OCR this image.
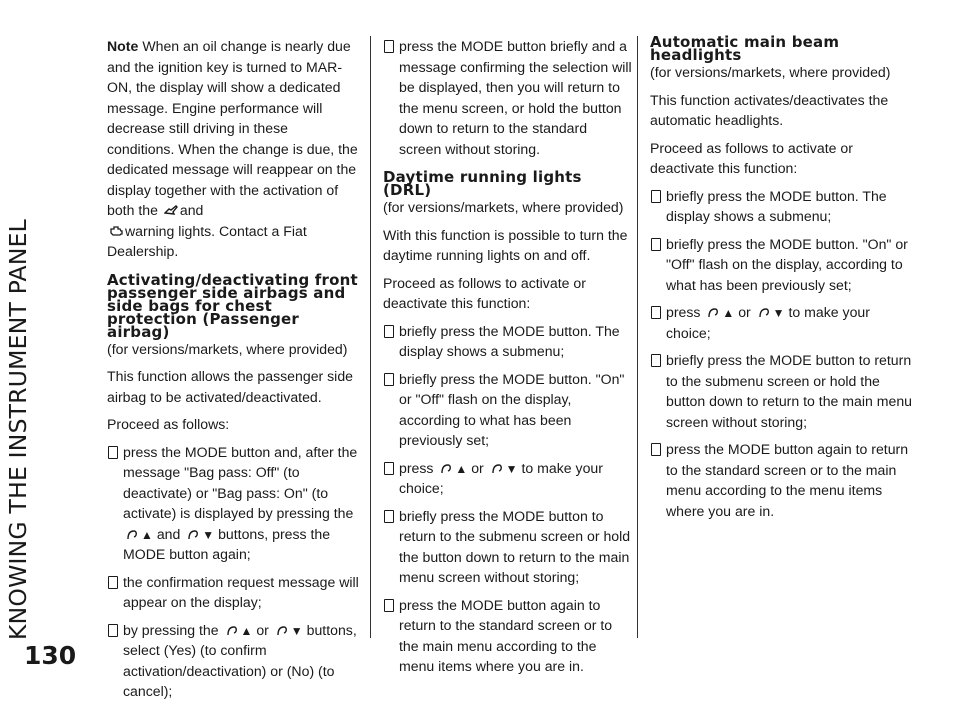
KNOWING THE INSTRUMENT PANEL
130

Note When an oil change is nearly due and the ignition key is turned to MAR-ON, the display will show a dedicated message. Engine performance will decrease still driving in these conditions. When the change is due, the dedicated message will reappear on the display together with the activation of both the and
warning lights. Contact a Fiat Dealership.

Activating/deactivating front passenger side airbags and side bags for chest protection (Passenger airbag)

(for versions/markets, where provided)

This function allows the passenger side airbag to be activated/deactivated.

Proceed as follows:

press the MODE button and, after the message "Bag pass: Off" (to deactivate) or "Bag pass: On" (to activate) is displayed by pressing the ▲ and ▼ buttons, press the MODE button again;
the confirmation request message will appear on the display;
by pressing the ▲ or ▼ buttons, select (Yes) (to confirm activation/deactivation) or (No) (to cancel);
press the MODE button briefly and a message confirming the selection will be displayed, then you will return to the menu screen, or hold the button down to return to the standard screen without storing.
Daytime running lights (DRL)

(for versions/markets, where provided)

With this function is possible to turn the daytime running lights on and off.

Proceed as follows to activate or deactivate this function:

briefly press the MODE button. The display shows a submenu;
briefly press the MODE button. "On" or "Off" flash on the display, according to what has been previously set;
press ▲ or ▼ to make your choice;
briefly press the MODE button to return to the submenu screen or hold the button down to return to the main menu screen without storing;
press the MODE button again to return to the standard screen or to the main menu according to the menu items where you are in.
Automatic main beam headlights

(for versions/markets, where provided)

This function activates/deactivates the automatic headlights.

Proceed as follows to activate or deactivate this function:

briefly press the MODE button. The display shows a submenu;
briefly press the MODE button. "On" or "Off" flash on the display, according to what has been previously set;
press ▲ or ▼ to make your choice;
briefly press the MODE button to return to the submenu screen or hold the button down to return to the main menu screen without storing;
press the MODE button again to return to the standard screen or to the main menu according to the menu items where you are in.
